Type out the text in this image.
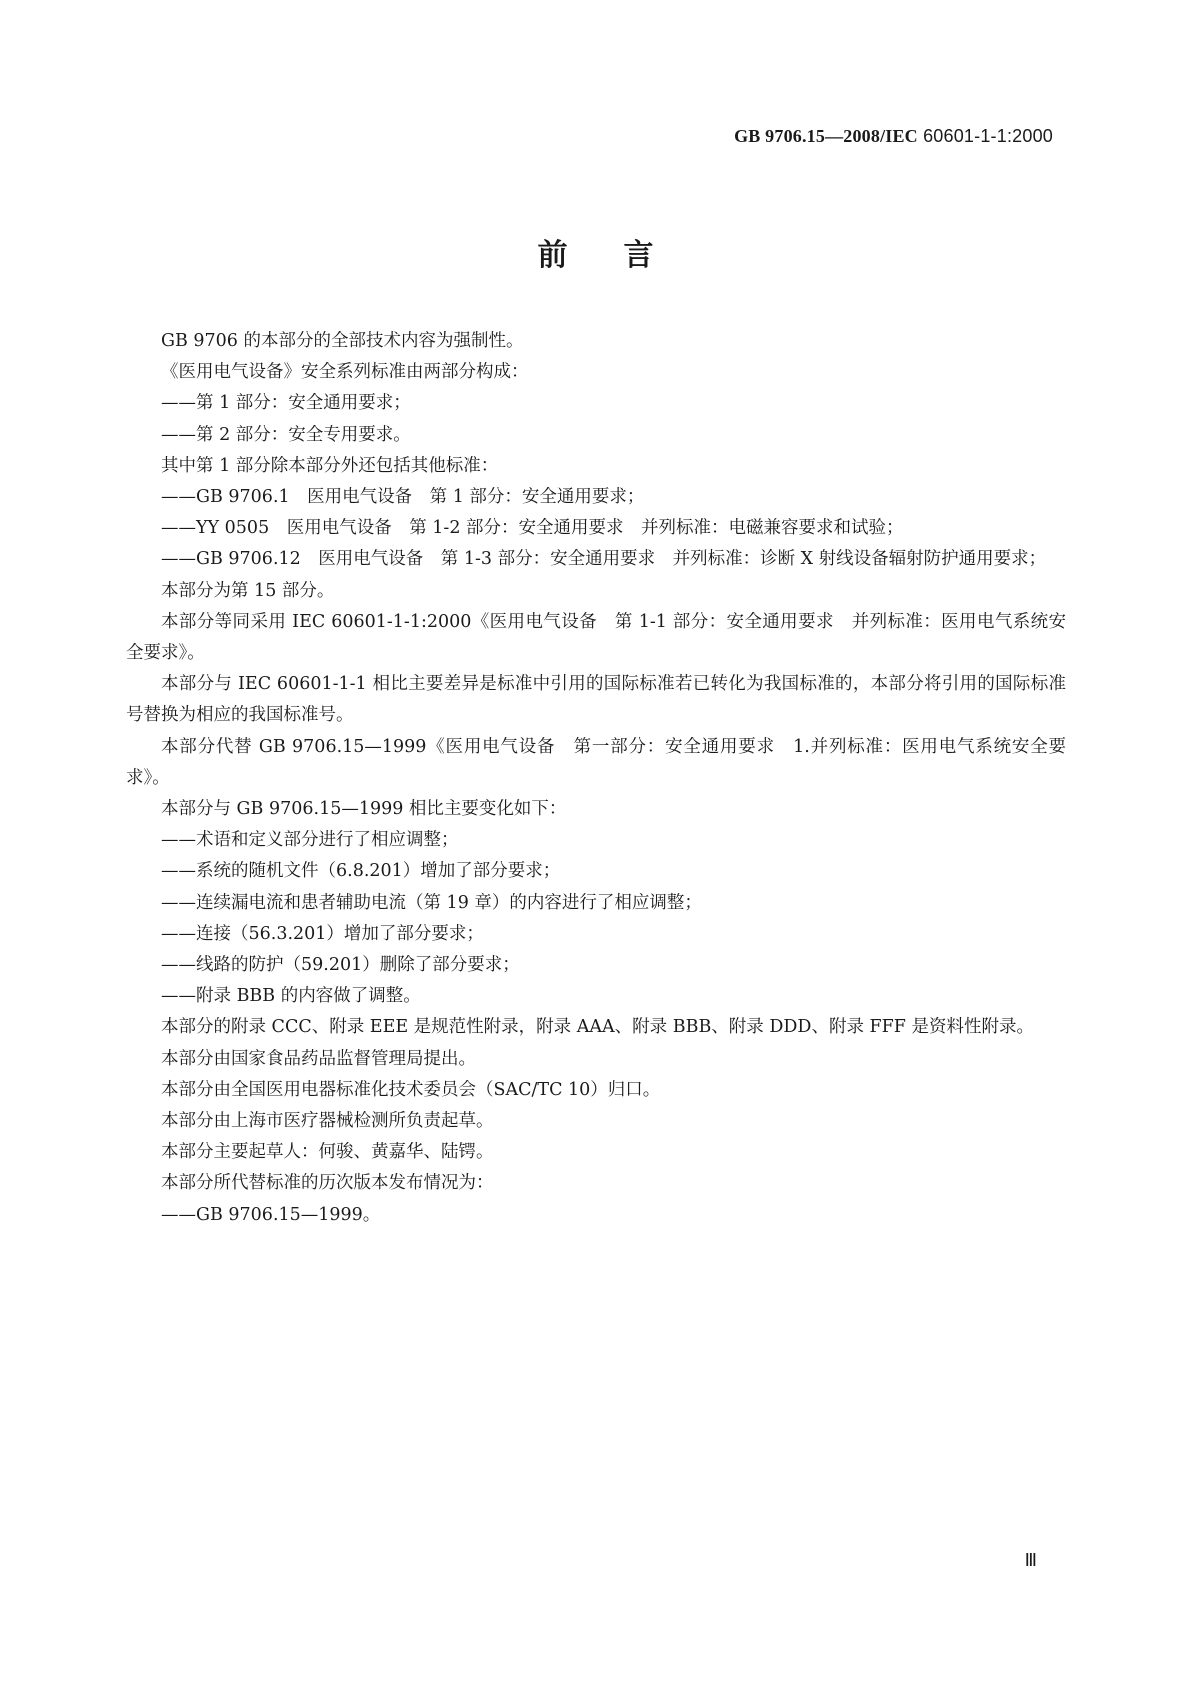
GB 9706.15—2008/IEC 60601-1-1:2000
前言

GB 9706 的本部分的全部技术内容为强制性。

《医用电气设备》安全系列标准由两部分构成：

——第 1 部分：安全通用要求；

——第 2 部分：安全专用要求。

其中第 1 部分除本部分外还包括其他标准：

——GB 9706.1　医用电气设备　第 1 部分：安全通用要求；

——YY 0505　医用电气设备　第 1-2 部分：安全通用要求　并列标准：电磁兼容要求和试验；

——GB 9706.12　医用电气设备　第 1-3 部分：安全通用要求　并列标准：诊断 X 射线设备辐射防护通用要求；

本部分为第 15 部分。

本部分等同采用 IEC 60601-1-1:2000《医用电气设备　第 1-1 部分：安全通用要求　并列标准：医用电气系统安全要求》。

本部分与 IEC 60601-1-1 相比主要差异是标准中引用的国际标准若已转化为我国标准的，本部分将引用的国际标准号替换为相应的我国标准号。

本部分代替 GB 9706.15—1999《医用电气设备　第一部分：安全通用要求　1.并列标准：医用电气系统安全要求》。

本部分与 GB 9706.15—1999 相比主要变化如下：

——术语和定义部分进行了相应调整；

——系统的随机文件（6.8.201）增加了部分要求；

——连续漏电流和患者辅助电流（第 19 章）的内容进行了相应调整；

——连接（56.3.201）增加了部分要求；

——线路的防护（59.201）删除了部分要求；

——附录 BBB 的内容做了调整。

本部分的附录 CCC、附录 EEE 是规范性附录，附录 AAA、附录 BBB、附录 DDD、附录 FFF 是资料性附录。

本部分由国家食品药品监督管理局提出。

本部分由全国医用电器标准化技术委员会（SAC/TC 10）归口。

本部分由上海市医疗器械检测所负责起草。

本部分主要起草人：何骏、黄嘉华、陆锷。

本部分所代替标准的历次版本发布情况为：

——GB 9706.15—1999。

Ⅲ
